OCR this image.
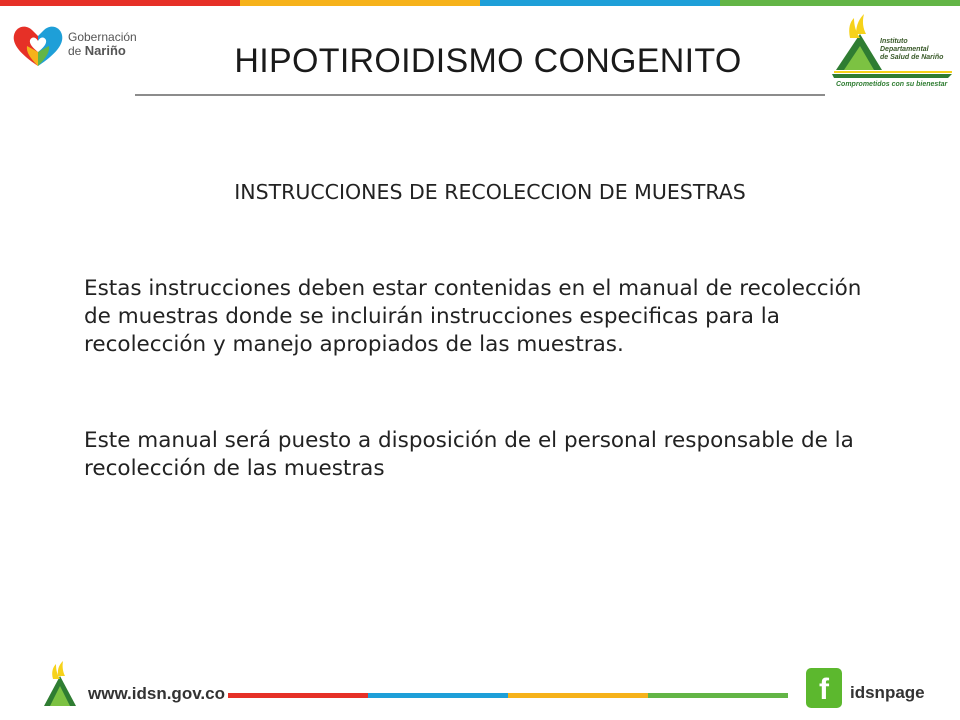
Gobernación
de Nariño
Instituto
Departamental
de Salud de Nariño
Comprometidos con su bienestar
HIPOTIROIDISMO CONGENITO
INSTRUCCIONES DE RECOLECCION DE MUESTRAS

Estas instrucciones deben estar contenidas en el manual de recolección de muestras donde se incluirán instrucciones especificas para la recolección y manejo apropiados de las muestras.

Este manual será puesto a disposición de el personal responsable de la recolección de las muestras

www.idsn.gov.co	f	idsnpage
